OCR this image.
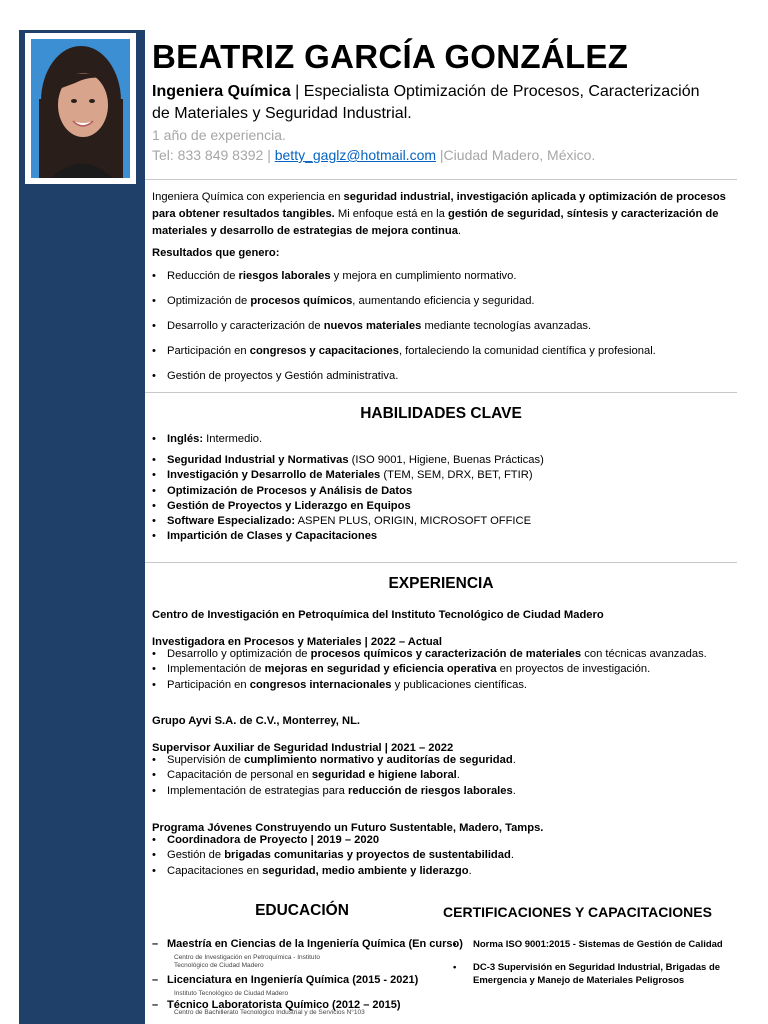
BEATRIZ GARCÍA GONZÁLEZ
Ingeniera Química | Especialista Optimización de Procesos, Caracterización de Materiales y Seguridad Industrial.
1 año de experiencia.
Tel: 833 849 8392 | betty_gaglz@hotmail.com |Ciudad Madero, México.
Ingeniera Química con experiencia en seguridad industrial, investigación aplicada y optimización de procesos para obtener resultados tangibles. Mi enfoque está en la gestión de seguridad, síntesis y caracterización de materiales y desarrollo de estrategias de mejora continua.
Resultados que genero:
• Reducción de riesgos laborales y mejora en cumplimiento normativo.
• Optimización de procesos químicos, aumentando eficiencia y seguridad.
• Desarrollo y caracterización de nuevos materiales mediante tecnologías avanzadas.
• Participación en congresos y capacitaciones, fortaleciendo la comunidad científica y profesional.
• Gestión de proyectos y Gestión administrativa.
HABILIDADES CLAVE
• Inglés: Intermedio.
• Seguridad Industrial y Normativas (ISO 9001, Higiene, Buenas Prácticas)
• Investigación y Desarrollo de Materiales (TEM, SEM, DRX, BET, FTIR)
• Optimización de Procesos y Análisis de Datos
• Gestión de Proyectos y Liderazgo en Equipos
• Software Especializado: ASPEN PLUS, ORIGIN, MICROSOFT OFFICE
• Impartición de Clases y Capacitaciones
EXPERIENCIA
Centro de Investigación en Petroquímica del Instituto Tecnológico de Ciudad Madero
Investigadora en Procesos y Materiales | 2022 – Actual
• Desarrollo y optimización de procesos químicos y caracterización de materiales con técnicas avanzadas.
• Implementación de mejoras en seguridad y eficiencia operativa en proyectos de investigación.
• Participación en congresos internacionales y publicaciones científicas.
Grupo Ayvi S.A. de C.V., Monterrey, NL.
Supervisor Auxiliar de Seguridad Industrial | 2021 – 2022
• Supervisión de cumplimiento normativo y auditorías de seguridad.
• Capacitación de personal en seguridad e higiene laboral.
• Implementación de estrategias para reducción de riesgos laborales.
Programa Jóvenes Construyendo un Futuro Sustentable, Madero, Tamps.
• Coordinadora de Proyecto | 2019 – 2020
• Gestión de brigadas comunitarias y proyectos de sustentabilidad.
• Capacitaciones en seguridad, medio ambiente y liderazgo.
EDUCACIÓN	CERTIFICACIONES Y CAPACITACIONES
– Maestría en Ciencias de la Ingeniería Química (En curso)
Centro de Investigación en Petroquímica - Instituto
Tecnológico de Ciudad Madero
– Licenciatura en Ingeniería Química (2015 - 2021)
Instituto Tecnológico de Ciudad Madero
– Técnico Laboratorista Químico (2012 – 2015)
Centro de Bachillerato Tecnológico Industrial y de Servicios N°103
• Norma ISO 9001:2015 - Sistemas de Gestión de Calidad
• DC-3 Supervisión en Seguridad Industrial, Brigadas de Emergencia y Manejo de Materiales Peligrosos
